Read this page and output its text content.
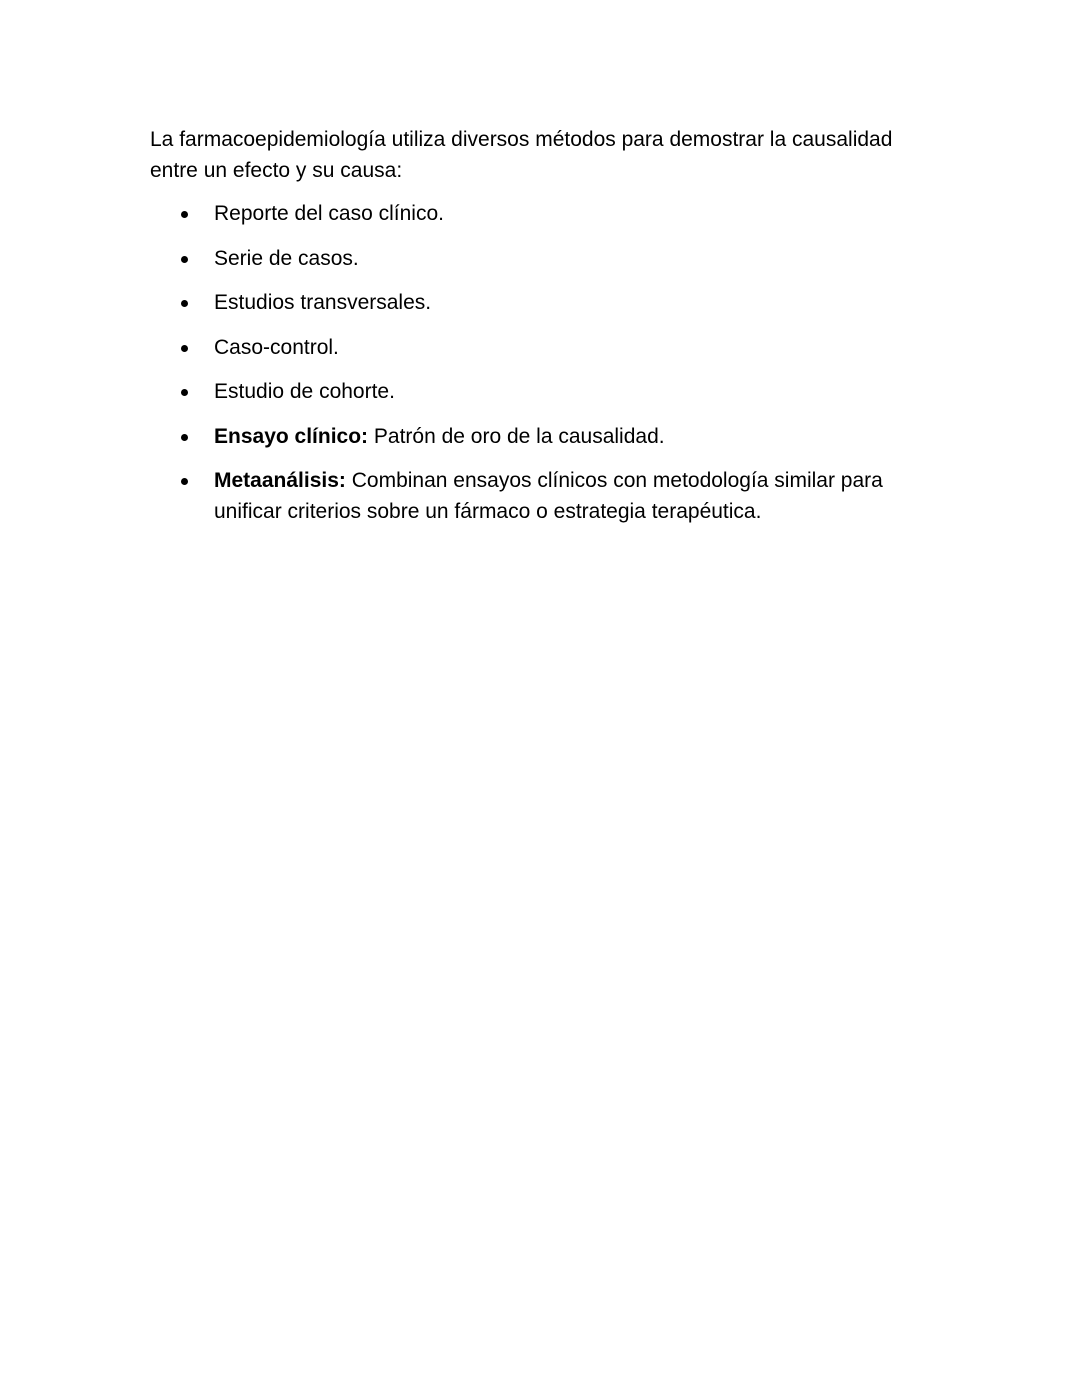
La farmacoepidemiología utiliza diversos métodos para demostrar la causalidad entre un efecto y su causa:

Reporte del caso clínico.
Serie de casos.
Estudios transversales.
Caso-control.
Estudio de cohorte.
Ensayo clínico: Patrón de oro de la causalidad.
Metaanálisis: Combinan ensayos clínicos con metodología similar para unificar criterios sobre un fármaco o estrategia terapéutica.
